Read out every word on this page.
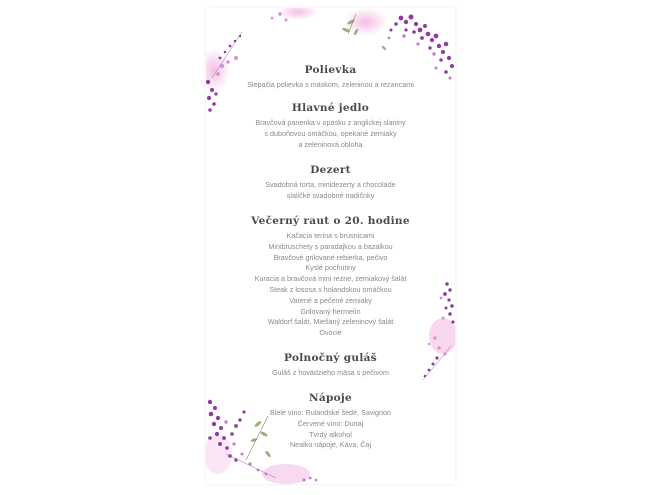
Polievka
Slepačia polievka s mäskom, zeleninou a rezancami
Hlavné jedlo
Bravčová panenka v opasku z anglickej slaniny
s duboňovou omáčkou, opekané zemiaky
a zeleninová obloha
Dezert
Svadobná torta, minidezerty a chocolade
slaličké svadobné tradičnky
Večerný raut o 20. hodine
Kačacia terina s brusnicami
Minibruschety s paradajkou a bazalkou
Bravčové grilované rebierka, pečivo
Kyslé pochutiny
Kuracia a bravčová mini rezne, zemiakový šalát
Steak z lososa s holandskou omáčkou
Varené a pečené zemiaky
Grilovaný hermelín
Waldorf šalát, Miešaný zeleninový šalát
Ovocie
Polnočný guláš
Guláš z hovädzieho mäsa s pečivom
Nápoje
Biele víno: Rulandské šedé, Savignon
Červené víno: Dunaj
Tvrdý alkohol
Nealko nápoje, Káva, Čaj
